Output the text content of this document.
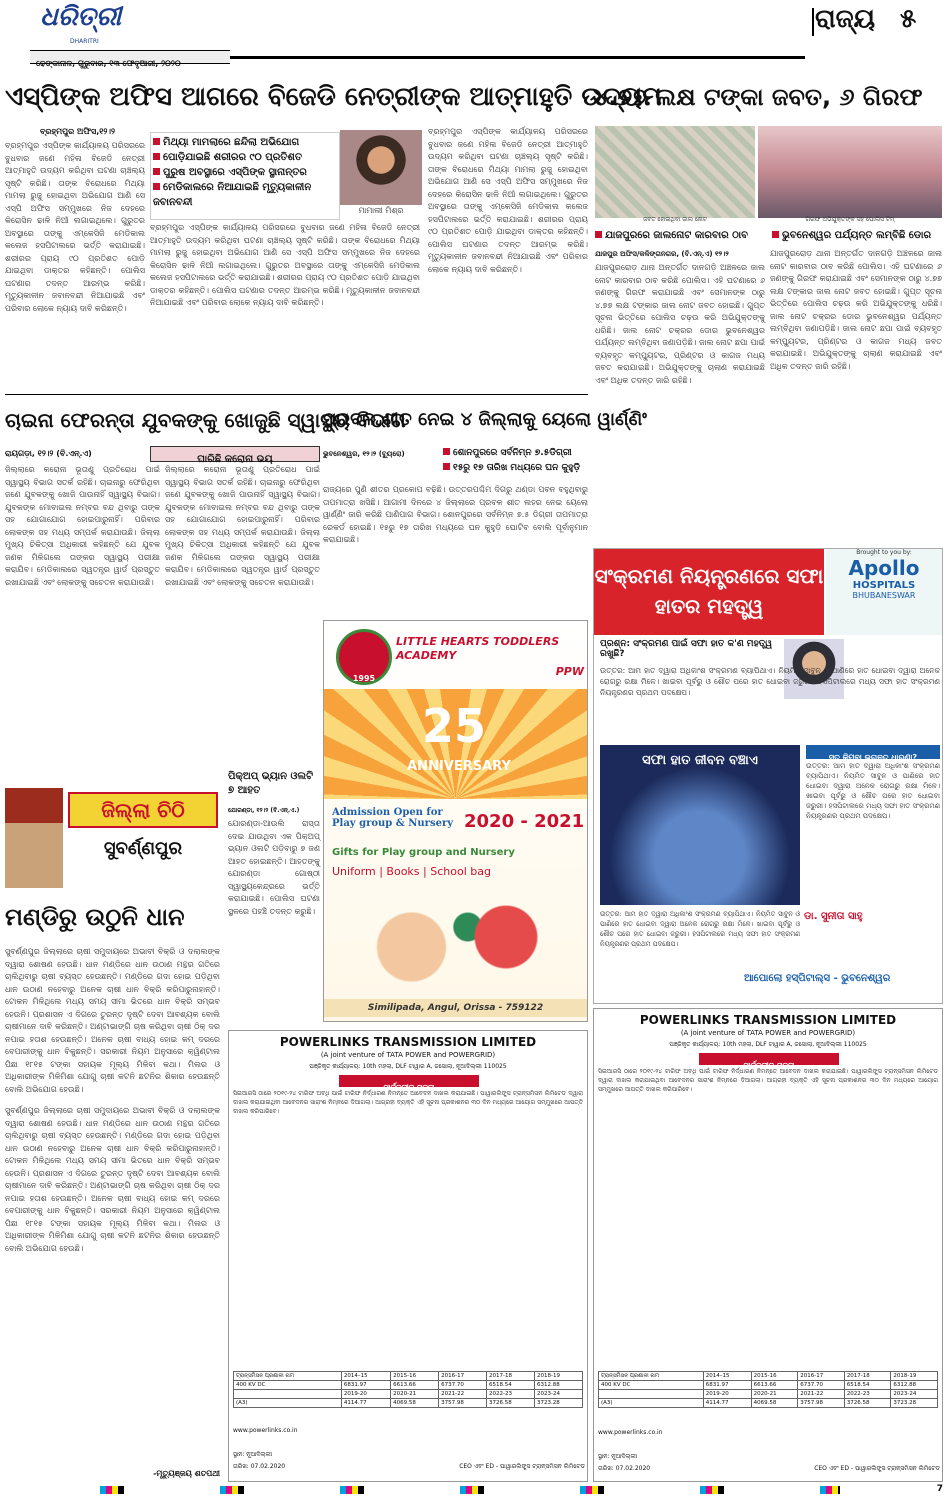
ଧରିତ୍ରୀ
DHARITRI
ଢେଙ୍କାନାଳ, ଗୁରୁବାର, ୧୩ ଫେବୃଆରୀ, ୨୦୨୦
ରାଜ୍ୟ ୫
ଏସ୍‌ପିଙ୍କ ଅଫିସ ଆଗରେ ବିଜେଡି ନେତ୍ରୀଙ୍କ ଆତ୍ମାହୁତି ଉଦ୍ୟମ
ବ୍ରହ୍ମପୁର ଅଫିସ,୧୨।୨
ମିଥ୍ୟା ମାମଲାରେ ଛନ୍ଦିଲା ଅଭିଯୋଗ
ପୋଡ଼ିଯାଇଛି ଶରୀରର ୯୦ ପ୍ରତିଶତ
ପୁରୁଷ ଅବସ୍ଥାରେ ଏସ୍‌ପିଙ୍କ ସ୍ଥାନାନ୍ତର
ମେଡିକାଲରେ ନିଆଯାଇଛି ମୃତ୍ୟୁକାଳୀନ ଜବାନବନ୍ଦୀ
ମାମାଲୀ ମିଶ୍ର
ବ୍ରହ୍ମପୁର ଏସ୍‌ପିଙ୍କ କାର୍ଯ୍ୟାଳୟ ପରିସରରେ ବୁଧବାର ଜଣେ ମହିଳା ବିଜେଡି ନେତ୍ରୀ ଆତ୍ମାହୁତି ଉଦ୍ୟମ କରିଥିବା ଘଟଣା ଚାଞ୍ଚଲ୍ୟ ସୃଷ୍ଟି କରିଛି। ତାଙ୍କ ବିରୋଧରେ ମିଥ୍ୟା ମାମଲା ରୁଜୁ ହୋଇଥିବା ଅଭିଯୋଗ ଆଣି ସେ ଏସ୍‌ପି ଅଫିସ ସମ୍ମୁଖରେ ନିଜ ଦେହରେ କିରୋସିନ ଢାଳି ନିଆଁ ଲଗାଇଥିଲେ। ଗୁରୁତର ଅବସ୍ଥାରେ ତାଙ୍କୁ ଏମ୍‌କେସିଜି ମେଡିକାଲ କଲେଜ ହସପିଟାଲରେ ଭର୍ତ୍ତି କରାଯାଇଛି। ଶରୀରର ପ୍ରାୟ ୯୦ ପ୍ରତିଶତ ପୋଡ଼ି ଯାଇଥିବା ଡାକ୍ତର କହିଛନ୍ତି। ପୋଲିସ ଘଟଣାର ତଦନ୍ତ ଆରମ୍ଭ କରିଛି। ମୃତ୍ୟୁକାଳୀନ ଜବାନବନ୍ଦୀ ନିଆଯାଇଛି ଏବଂ ପରିବାର ଲୋକେ ନ୍ୟାୟ ଦାବି କରିଛନ୍ତି।
ବ୍ରହ୍ମପୁର ଏସ୍‌ପିଙ୍କ କାର୍ଯ୍ୟାଳୟ ପରିସରରେ ବୁଧବାର ଜଣେ ମହିଳା ବିଜେଡି ନେତ୍ରୀ ଆତ୍ମାହୁତି ଉଦ୍ୟମ କରିଥିବା ଘଟଣା ଚାଞ୍ଚଲ୍ୟ ସୃଷ୍ଟି କରିଛି। ତାଙ୍କ ବିରୋଧରେ ମିଥ୍ୟା ମାମଲା ରୁଜୁ ହୋଇଥିବା ଅଭିଯୋଗ ଆଣି ସେ ଏସ୍‌ପି ଅଫିସ ସମ୍ମୁଖରେ ନିଜ ଦେହରେ କିରୋସିନ ଢାଳି ନିଆଁ ଲଗାଇଥିଲେ। ଗୁରୁତର ଅବସ୍ଥାରେ ତାଙ୍କୁ ଏମ୍‌କେସିଜି ମେଡିକାଲ କଲେଜ ହସପିଟାଲରେ ଭର୍ତ୍ତି କରାଯାଇଛି। ଶରୀରର ପ୍ରାୟ ୯୦ ପ୍ରତିଶତ ପୋଡ଼ି ଯାଇଥିବା ଡାକ୍ତର କହିଛନ୍ତି। ପୋଲିସ ଘଟଣାର ତଦନ୍ତ ଆରମ୍ଭ କରିଛି। ମୃତ୍ୟୁକାଳୀନ ଜବାନବନ୍ଦୀ ନିଆଯାଇଛି ଏବଂ ପରିବାର ଲୋକେ ନ୍ୟାୟ ଦାବି କରିଛନ୍ତି।
ବ୍ରହ୍ମପୁର ଏସ୍‌ପିଙ୍କ କାର୍ଯ୍ୟାଳୟ ପରିସରରେ ବୁଧବାର ଜଣେ ମହିଳା ବିଜେଡି ନେତ୍ରୀ ଆତ୍ମାହୁତି ଉଦ୍ୟମ କରିଥିବା ଘଟଣା ଚାଞ୍ଚଲ୍ୟ ସୃଷ୍ଟି କରିଛି। ତାଙ୍କ ବିରୋଧରେ ମିଥ୍ୟା ମାମଲା ରୁଜୁ ହୋଇଥିବା ଅଭିଯୋଗ ଆଣି ସେ ଏସ୍‌ପି ଅଫିସ ସମ୍ମୁଖରେ ନିଜ ଦେହରେ କିରୋସିନ ଢାଳି ନିଆଁ ଲଗାଇଥିଲେ। ଗୁରୁତର ଅବସ୍ଥାରେ ତାଙ୍କୁ ଏମ୍‌କେସିଜି ମେଡିକାଲ କଲେଜ ହସପିଟାଲରେ ଭର୍ତ୍ତି କରାଯାଇଛି। ଶରୀରର ପ୍ରାୟ ୯୦ ପ୍ରତିଶତ ପୋଡ଼ି ଯାଇଥିବା ଡାକ୍ତର କହିଛନ୍ତି। ପୋଲିସ ଘଟଣାର ତଦନ୍ତ ଆରମ୍ଭ କରିଛି। ମୃତ୍ୟୁକାଳୀନ ଜବାନବନ୍ଦୀ ନିଆଯାଇଛି ଏବଂ ପରିବାର ଲୋକେ ନ୍ୟାୟ ଦାବି କରିଛନ୍ତି।
୪.୭୭ ଲକ୍ଷ ଟଙ୍କା ଜବତ, ୬ ଗିରଫ
ଜବତ ହୋଇଥିବା ଜାଲ ନୋଟ	ଗିରଫ ଅଭିଯୁକ୍ତଙ୍କ ସହ ପୋଲିସ ଟିମ୍
ଯାଜପୁରରେ ଜାଲନୋଟ କାରବାର ଠାବ	ଭୁବନେଶ୍ୱର ପର୍ଯ୍ୟନ୍ତ ଲମ୍ବିଛି ଡୋର
ଯାଜପୁର ଅଫିସ/କଳିଙ୍ଗନଗର, (ବି.ଏନ୍‌.ଏ) ୧୨।୨
ଯାଜପୁରରୋଡ଼ ଥାନା ଅନ୍ତର୍ଗତ ଦାନଗଡ଼ି ଅଞ୍ଚଳରେ ଜାଲ ନୋଟ କାରବାର ଠାବ କରିଛି ପୋଲିସ। ଏହି ଘଟଣାରେ ୬ ଜଣଙ୍କୁ ଗିରଫ କରାଯାଇଛି ଏବଂ ସେମାନଙ୍କ ଠାରୁ ୪.୭୭ ଲକ୍ଷ ଟଙ୍କାର ଜାଲ ନୋଟ ଜବତ ହୋଇଛି। ଗୁପ୍ତ ସୂଚନା ଭିତ୍ତିରେ ପୋଲିସ ଚଢ଼ଉ କରି ଅଭିଯୁକ୍ତଙ୍କୁ ଧରିଛି। ଜାଲ ନୋଟ ଚକ୍ରର ଡୋର ଭୁବନେଶ୍ୱର ପର୍ଯ୍ୟନ୍ତ ଲମ୍ବିଥିବା ଜଣାପଡ଼ିଛି। ଜାଲ ନୋଟ ଛପା ପାଇଁ ବ୍ୟବହୃତ କମ୍ପ୍ୟୁଟର, ପ୍ରିଣ୍ଟର ଓ କାଗଜ ମଧ୍ୟ ଜବତ କରାଯାଇଛି। ଅଭିଯୁକ୍ତଙ୍କୁ ଚାଲାଣ କରାଯାଇଛି ଏବଂ ଅଧିକ ତଦନ୍ତ ଜାରି ରହିଛି।
ଯାଜପୁରରୋଡ଼ ଥାନା ଅନ୍ତର୍ଗତ ଦାନଗଡ଼ି ଅଞ୍ଚଳରେ ଜାଲ ନୋଟ କାରବାର ଠାବ କରିଛି ପୋଲିସ। ଏହି ଘଟଣାରେ ୬ ଜଣଙ୍କୁ ଗିରଫ କରାଯାଇଛି ଏବଂ ସେମାନଙ୍କ ଠାରୁ ୪.୭୭ ଲକ୍ଷ ଟଙ୍କାର ଜାଲ ନୋଟ ଜବତ ହୋଇଛି। ଗୁପ୍ତ ସୂଚନା ଭିତ୍ତିରେ ପୋଲିସ ଚଢ଼ଉ କରି ଅଭିଯୁକ୍ତଙ୍କୁ ଧରିଛି। ଜାଲ ନୋଟ ଚକ୍ରର ଡୋର ଭୁବନେଶ୍ୱର ପର୍ଯ୍ୟନ୍ତ ଲମ୍ବିଥିବା ଜଣାପଡ଼ିଛି। ଜାଲ ନୋଟ ଛପା ପାଇଁ ବ୍ୟବହୃତ କମ୍ପ୍ୟୁଟର, ପ୍ରିଣ୍ଟର ଓ କାଗଜ ମଧ୍ୟ ଜବତ କରାଯାଇଛି। ଅଭିଯୁକ୍ତଙ୍କୁ ଚାଲାଣ କରାଯାଇଛି ଏବଂ ଅଧିକ ତଦନ୍ତ ଜାରି ରହିଛି।
ଚାଇନା ଫେରନ୍ତା ଯୁବକଙ୍କୁ ଖୋଜୁଛି ସ୍ୱାସ୍ଥ୍ୟ ବିଭାଗ
ରାୟଗଡ଼ା, ୧୨।୨ (ବି.ଏନ୍‌.ଏ)
ଘାରିଛି କରୋନା ଭୟ
ଜିଲ୍ଲାରେ କରୋନା ଭୂତାଣୁ ପ୍ରତିରୋଧ ପାଇଁ ସ୍ୱାସ୍ଥ୍ୟ ବିଭାଗ ସତର୍କ ରହିଛି। ଚାଇନାରୁ ଫେରିଥିବା ଜଣେ ଯୁବକଙ୍କୁ ଖୋଜି ପାଉନାହିଁ ସ୍ୱାସ୍ଥ୍ୟ ବିଭାଗ। ଯୁବକଙ୍କ ମୋବାଇଲ ନମ୍ବର ବନ୍ଦ ଥିବାରୁ ତାଙ୍କ ସହ ଯୋଗାଯୋଗ ହୋଇପାରୁନାହିଁ। ପରିବାର ଲୋକଙ୍କ ସହ ମଧ୍ୟ ସମ୍ପର୍କ କରାଯାଉଛି। ଜିଲ୍ଲା ମୁଖ୍ୟ ଚିକିତ୍ସା ଅଧିକାରୀ କହିଛନ୍ତି ଯେ ଯୁବକ ଜଣକ ମିଳିଗଲେ ତାଙ୍କର ସ୍ୱାସ୍ଥ୍ୟ ପରୀକ୍ଷା କରାଯିବ। ମେଡିକାଲରେ ସ୍ୱତନ୍ତ୍ର ୱାର୍ଡ ପ୍ରସ୍ତୁତ ରଖାଯାଇଛି ଏବଂ ଲୋକଙ୍କୁ ସଚେତନ କରାଯାଉଛି।
ଜିଲ୍ଲାରେ କରୋନା ଭୂତାଣୁ ପ୍ରତିରୋଧ ପାଇଁ ସ୍ୱାସ୍ଥ୍ୟ ବିଭାଗ ସତର୍କ ରହିଛି। ଚାଇନାରୁ ଫେରିଥିବା ଜଣେ ଯୁବକଙ୍କୁ ଖୋଜି ପାଉନାହିଁ ସ୍ୱାସ୍ଥ୍ୟ ବିଭାଗ। ଯୁବକଙ୍କ ମୋବାଇଲ ନମ୍ବର ବନ୍ଦ ଥିବାରୁ ତାଙ୍କ ସହ ଯୋଗାଯୋଗ ହୋଇପାରୁନାହିଁ। ପରିବାର ଲୋକଙ୍କ ସହ ମଧ୍ୟ ସମ୍ପର୍କ କରାଯାଉଛି। ଜିଲ୍ଲା ମୁଖ୍ୟ ଚିକିତ୍ସା ଅଧିକାରୀ କହିଛନ୍ତି ଯେ ଯୁବକ ଜଣକ ମିଳିଗଲେ ତାଙ୍କର ସ୍ୱାସ୍ଥ୍ୟ ପରୀକ୍ଷା କରାଯିବ। ମେଡିକାଲରେ ସ୍ୱତନ୍ତ୍ର ୱାର୍ଡ ପ୍ରସ୍ତୁତ ରଖାଯାଇଛି ଏବଂ ଲୋକଙ୍କୁ ସଚେତନ କରାଯାଉଛି।
ପ୍ରବଳ ଶୀତ ନେଇ ୪ ଜିଲ୍ଲାକୁ ୟେଲୋ ୱାର୍ଣ୍ଣିଂ
ଭୁବନେଶ୍ୱର, ୧୨।୨ (ବ୍ୟୁରୋ)	ଶୋନପୁରରେ ସର୍ବନିମ୍ନ ୭.୫ଡିଗ୍ରୀ
୧୫ରୁ ୧୭ ତାରିଖ ମଧ୍ୟରେ ଘନ କୁହୁଡ଼ି
ରାଜ୍ୟରେ ପୁଣି ଶୀତର ପ୍ରକୋପ ବଢ଼ିଛି। ଉତ୍ତରପଶ୍ଚିମ ଦିଗରୁ ଥଣ୍ଡା ପବନ ବହୁଥିବାରୁ ତାପମାତ୍ରା ଖସିଛି। ଆଗାମୀ ଦିନରେ ୪ ଜିଲ୍ଲାରେ ପ୍ରବଳ ଶୀତ ଲହର ନେଇ ୟେଲୋ ୱାର୍ଣ୍ଣିଂ ଜାରି କରିଛି ପାଣିପାଗ ବିଭାଗ। ଶୋନପୁରରେ ସର୍ବନିମ୍ନ ୭.୫ ଡିଗ୍ରୀ ତାପମାତ୍ରା ରେକର୍ଡ ହୋଇଛି। ୧୫ରୁ ୧୭ ତାରିଖ ମଧ୍ୟରେ ଘନ କୁହୁଡ଼ି ଘୋଟିବ ବୋଲି ପୂର୍ବାନୁମାନ କରାଯାଇଛି।
1995
LITTLE HEARTS TODDLERS ACADEMY
PPW
25
ANNIVERSARY
Admission Open for Play group & Nursery 2020 - 2021
Gifts for Play group and Nursery
Uniform | Books | School bag
Similipada, Angul, Orissa - 759122
ପିକ୍‌ଅପ୍ ଭ୍ୟାନ ଓଲଟି ୭ ଆହତ
ଯୋରଣ୍ଡା, ୧୨।୨ (ବି.ଏନ୍‌.ଏ.)
ଯୋରଣ୍ଡା-ଆଉଲି ରାସ୍ତା ଦେଇ ଯାଉଥିବା ଏକ ପିକ୍‌ଅପ୍ ଭ୍ୟାନ ଓଲଟି ପଡ଼ିବାରୁ ୭ ଜଣ ଆହତ ହୋଇଛନ୍ତି। ଆହତଙ୍କୁ ଯୋରଣ୍ଡା ଗୋଷ୍ଠୀ ସ୍ୱାସ୍ଥ୍ୟକେନ୍ଦ୍ରରେ ଭର୍ତ୍ତି କରାଯାଇଛି। ପୋଲିସ ଘଟଣା ସ୍ଥଳରେ ପହଞ୍ଚି ତଦନ୍ତ କରୁଛି।
ଜିଲ୍ଲା ଚିଠି
ସୁବର୍ଣ୍ଣପୁର
ମଣ୍ଡିରୁ ଉଠୁନି ଧାନ
ସୁବର୍ଣ୍ଣପୁର ଜିଲ୍ଲାରେ ଚାଷୀ ସମୁଦାୟରେ ଅଭାବୀ ବିକ୍ରି ଓ ଦଲାଲଙ୍କ ଦ୍ୱାରା ଶୋଷଣ ହେଉଛି। ଧାନ ମଣ୍ଡିରେ ଧାନ ଉଠାଣ ମନ୍ଥର ଗତିରେ ଚାଲିଥିବାରୁ ଚାଷୀ ବ୍ୟସ୍ତ ହେଉଛନ୍ତି। ମଣ୍ଡିରେ ଗଦା ହୋଇ ପଡ଼ିଥିବା ଧାନ ଉଠାଣ ନହେବାରୁ ଅନେକ ଚାଷୀ ଧାନ ବିକ୍ରି କରିପାରୁନାହାନ୍ତି। ଟୋକନ ମିଳିଥିଲେ ମଧ୍ୟ ସମୟ ସୀମା ଭିତରେ ଧାନ ବିକ୍ରି ସମ୍ଭବ ହେଉନି। ପ୍ରଶାସନ ଏ ଦିଗରେ ତୁରନ୍ତ ଦୃଷ୍ଟି ଦେବା ଆବଶ୍ୟକ ବୋଲି ଚାଷୀମାନେ ଦାବି କରିଛନ୍ତି। ଅଣ୍ଟାଭାଙ୍ଗି ଚାଷ କରିଥିବା ଚାଷୀ ଠିକ୍ ଦର ନପାଇ ହତାଶ ହେଉଛନ୍ତି। ଅନେକ ଚାଷୀ ବାଧ୍ୟ ହୋଇ କମ୍ ଦରରେ ବେପାରୀଙ୍କୁ ଧାନ ବିକୁଛନ୍ତି। ସରକାରୀ ନିୟମ ଅନୁସାରେ କ୍ୱିଣ୍ଟାଲ ପିଛା ୧୮୧୫ ଟଙ୍କା ସହାୟକ ମୂଲ୍ୟ ମିଳିବା କଥା। ମିଲର ଓ ଅଧିକାରୀଙ୍କ ମିଳିମିଶା ଯୋଗୁ ଚାଷୀ କଟନି ଛଟନିର ଶିକାର ହେଉଛନ୍ତି ବୋଲି ଅଭିଯୋଗ ହେଉଛି।
ସୁବର୍ଣ୍ଣପୁର ଜିଲ୍ଲାରେ ଚାଷୀ ସମୁଦାୟରେ ଅଭାବୀ ବିକ୍ରି ଓ ଦଲାଲଙ୍କ ଦ୍ୱାରା ଶୋଷଣ ହେଉଛି। ଧାନ ମଣ୍ଡିରେ ଧାନ ଉଠାଣ ମନ୍ଥର ଗତିରେ ଚାଲିଥିବାରୁ ଚାଷୀ ବ୍ୟସ୍ତ ହେଉଛନ୍ତି। ମଣ୍ଡିରେ ଗଦା ହୋଇ ପଡ଼ିଥିବା ଧାନ ଉଠାଣ ନହେବାରୁ ଅନେକ ଚାଷୀ ଧାନ ବିକ୍ରି କରିପାରୁନାହାନ୍ତି। ଟୋକନ ମିଳିଥିଲେ ମଧ୍ୟ ସମୟ ସୀମା ଭିତରେ ଧାନ ବିକ୍ରି ସମ୍ଭବ ହେଉନି। ପ୍ରଶାସନ ଏ ଦିଗରେ ତୁରନ୍ତ ଦୃଷ୍ଟି ଦେବା ଆବଶ୍ୟକ ବୋଲି ଚାଷୀମାନେ ଦାବି କରିଛନ୍ତି। ଅଣ୍ଟାଭାଙ୍ଗି ଚାଷ କରିଥିବା ଚାଷୀ ଠିକ୍ ଦର ନପାଇ ହତାଶ ହେଉଛନ୍ତି। ଅନେକ ଚାଷୀ ବାଧ୍ୟ ହୋଇ କମ୍ ଦରରେ ବେପାରୀଙ୍କୁ ଧାନ ବିକୁଛନ୍ତି। ସରକାରୀ ନିୟମ ଅନୁସାରେ କ୍ୱିଣ୍ଟାଲ ପିଛା ୧୮୧୫ ଟଙ୍କା ସହାୟକ ମୂଲ୍ୟ ମିଳିବା କଥା। ମିଲର ଓ ଅଧିକାରୀଙ୍କ ମିଳିମିଶା ଯୋଗୁ ଚାଷୀ କଟନି ଛଟନିର ଶିକାର ହେଉଛନ୍ତି ବୋଲି ଅଭିଯୋଗ ହେଉଛି।
-ମୃତ୍ୟୁଞ୍ଜୟ ଶତପଥୀ
ସଂକ୍ରମଣ ନିୟନ୍ତ୍ରଣରେ ସଫା ହାତର ମହତ୍ତ୍ୱ
Brought to you by:
Apollo
HOSPITALS
BHUBANESWAR
ପ୍ରଶ୍ନ: ସଂକ୍ରମଣ ପାଇଁ ସଫା ହାତ କ'ଣ ମହତ୍ତ୍ୱ ରଖୁଛି?
ଉତ୍ତର: ଆମ ହାତ ଦ୍ୱାରା ଅଧିକାଂଶ ସଂକ୍ରମଣ ବ୍ୟାପିଥାଏ। ନିୟମିତ ସାବୁନ ଓ ପାଣିରେ ହାତ ଧୋଇବା ଦ୍ୱାରା ଅନେକ ରୋଗରୁ ରକ୍ଷା ମିଳେ। ଖାଇବା ପୂର୍ବରୁ ଓ ଶୌଚ ପରେ ହାତ ଧୋଇବା ଜରୁରୀ। ହସପିଟାଲରେ ମଧ୍ୟ ସଫା ହାତ ସଂକ୍ରମଣ ନିୟନ୍ତ୍ରଣର ପ୍ରଥମ ପଦକ୍ଷେପ।
ସଫା ହାତ ଜୀବନ ବଞ୍ଚାଏ	ସତ କିମ୍ବା ଭ୍ରାନ୍ତ ଧାରଣା?
ଉତ୍ତର: ଆମ ହାତ ଦ୍ୱାରା ଅଧିକାଂଶ ସଂକ୍ରମଣ ବ୍ୟାପିଥାଏ। ନିୟମିତ ସାବୁନ ଓ ପାଣିରେ ହାତ ଧୋଇବା ଦ୍ୱାରା ଅନେକ ରୋଗରୁ ରକ୍ଷା ମିଳେ। ଖାଇବା ପୂର୍ବରୁ ଓ ଶୌଚ ପରେ ହାତ ଧୋଇବା ଜରୁରୀ। ହସପିଟାଲରେ ମଧ୍ୟ ସଫା ହାତ ସଂକ୍ରମଣ ନିୟନ୍ତ୍ରଣର ପ୍ରଥମ ପଦକ୍ଷେପ।
ଉତ୍ତର: ଆମ ହାତ ଦ୍ୱାରା ଅଧିକାଂଶ ସଂକ୍ରମଣ ବ୍ୟାପିଥାଏ। ନିୟମିତ ସାବୁନ ଓ ପାଣିରେ ହାତ ଧୋଇବା ଦ୍ୱାରା ଅନେକ ରୋଗରୁ ରକ୍ଷା ମିଳେ। ଖାଇବା ପୂର୍ବରୁ ଓ ଶୌଚ ପରେ ହାତ ଧୋଇବା ଜରୁରୀ। ହସପିଟାଲରେ ମଧ୍ୟ ସଫା ହାତ ସଂକ୍ରମଣ ନିୟନ୍ତ୍ରଣର ପ୍ରଥମ ପଦକ୍ଷେପ।
ଡା. ସୁନୀତା ସାହୁ
ଆପୋଲୋ ହସ୍ପିଟାଲ୍ସ - ଭୁବନେଶ୍ୱର
POWERLINKS TRANSMISSION LIMITED
(A joint venture of TATA POWER and POWERGRID)
ପଞ୍ଜିକୃତ କାର୍ଯ୍ୟାଳୟ: 10th ମହଲା, DLF ଟାୱାର A, ଜସୋଲା, ନୂଆଦିଲ୍ଲୀ 110025
ସାର୍ବଜନୀନ ସୂଚନା
ସିଇଆରସି ଠାରେ ୨୦୧୯-୨୪ ଟାରିଫ ଅବଧି ପାଇଁ ଟାରିଫ ନିର୍ଦ୍ଧାରଣ ନିମନ୍ତେ ଆବେଦନ ଦାଖଲ କରାଯାଇଛି। ପାୱାରଲିଙ୍କ୍ସ ଟ୍ରାନ୍ସମିସନ ଲିମିଟେଡ ଦ୍ୱାରା ଦାଖଲ କରାଯାଇଥିବା ଆବେଦନର ସାରାଂଶ ନିମ୍ନରେ ଦିଆଗଲା। ଆଗ୍ରହୀ ବ୍ୟକ୍ତି ଏହି ସୂଚନା ପ୍ରକାଶନର ୩୦ ଦିନ ମଧ୍ୟରେ ଆୟୋଗ ସମ୍ମୁଖରେ ଆପତ୍ତି ଦାଖଲ କରିପାରିବେ।
ଟ୍ରାନ୍ସମିସନ ପ୍ରଣାଳୀ ନାମ	2014–15	2015-16	2016-17	2017-18	2018-19
400 KV DC	6831.97	6613.66	6737.70	6518.54	6312.88
	2019-20	2020-21	2021-22	2022-23	2023-24
(A3)	4114.77	4069.58	3757.98	3726.58	3723.28
www.powerlinks.co.in
ସ୍ଥାନ: ନୂଆଦିଲ୍ଲୀ
ତାରିଖ: 07.02.2020	CEO ଏବଂ ED - ପାୱାରଲିଙ୍କ୍ସ ଟ୍ରାନ୍ସମିସନ ଲିମିଟେଡ
POWERLINKS TRANSMISSION LIMITED
(A joint venture of TATA POWER and POWERGRID)
ପଞ୍ଜିକୃତ କାର୍ଯ୍ୟାଳୟ: 10th ମହଲା, DLF ଟାୱାର A, ଜସୋଲା, ନୂଆଦିଲ୍ଲୀ 110025
ସାର୍ବଜନୀନ ସୂଚନା
ସିଇଆରସି ଠାରେ ୨୦୧୯-୨୪ ଟାରିଫ ଅବଧି ପାଇଁ ଟାରିଫ ନିର୍ଦ୍ଧାରଣ ନିମନ୍ତେ ଆବେଦନ ଦାଖଲ କରାଯାଇଛି। ପାୱାରଲିଙ୍କ୍ସ ଟ୍ରାନ୍ସମିସନ ଲିମିଟେଡ ଦ୍ୱାରା ଦାଖଲ କରାଯାଇଥିବା ଆବେଦନର ସାରାଂଶ ନିମ୍ନରେ ଦିଆଗଲା। ଆଗ୍ରହୀ ବ୍ୟକ୍ତି ଏହି ସୂଚନା ପ୍ରକାଶନର ୩୦ ଦିନ ମଧ୍ୟରେ ଆୟୋଗ ସମ୍ମୁଖରେ ଆପତ୍ତି ଦାଖଲ କରିପାରିବେ।
ଟ୍ରାନ୍ସମିସନ ପ୍ରଣାଳୀ ନାମ	2014–15	2015-16	2016-17	2017-18	2018-19
400 KV DC	6831.97	6613.66	6737.70	6518.54	6312.88
	2019-20	2020-21	2021-22	2022-23	2023-24
(A3)	4114.77	4069.58	3757.98	3726.58	3723.28
www.powerlinks.co.in
ସ୍ଥାନ: ନୂଆଦିଲ୍ଲୀ
ତାରିଖ: 07.02.2020	CEO ଏବଂ ED - ପାୱାରଲିଙ୍କ୍ସ ଟ୍ରାନ୍ସମିସନ ଲିମିଟେଡ
7
